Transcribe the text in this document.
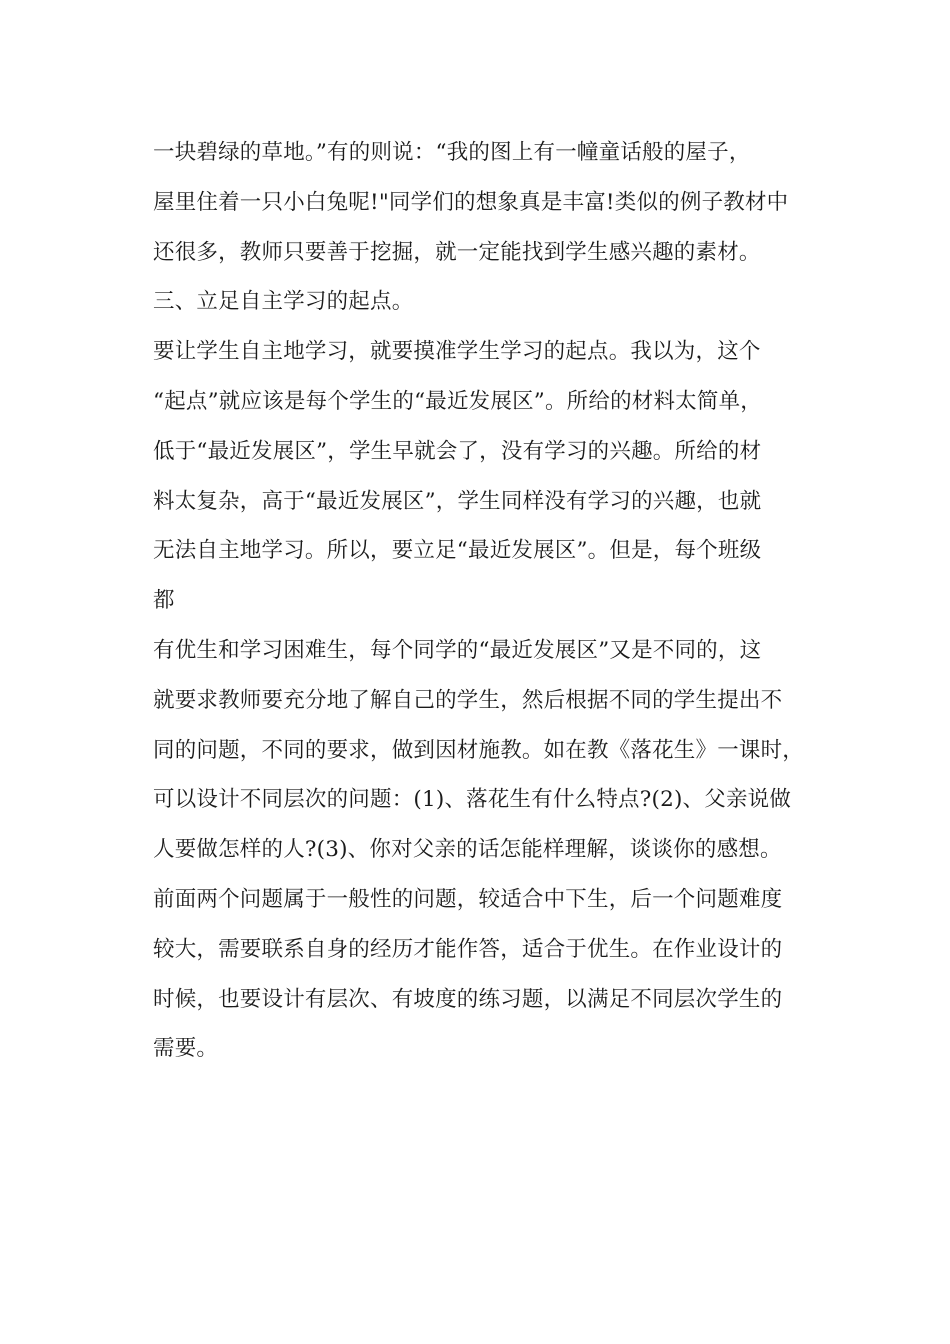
一块碧绿的草地。”有的则说：“我的图上有一幢童话般的屋子，
屋里住着一只小白兔呢!"同学们的想象真是丰富!类似的例子教材中
还很多，教师只要善于挖掘，就一定能找到学生感兴趣的素材。
三、立足自主学习的起点。
要让学生自主地学习，就要摸准学生学习的起点。我以为，这个
“起点”就应该是每个学生的“最近发展区”。所给的材料太简单，
低于“最近发展区”，学生早就会了，没有学习的兴趣。所给的材
料太复杂，高于“最近发展区”，学生同样没有学习的兴趣，也就
无法自主地学习。所以，要立足“最近发展区”。但是，每个班级
都
有优生和学习困难生，每个同学的“最近发展区”又是不同的，这
就要求教师要充分地了解自己的学生，然后根据不同的学生提出不
同的问题，不同的要求，做到因材施教。如在教《落花生》一课时，
可以设计不同层次的问题：(1)、落花生有什么特点?(2)、父亲说做
人要做怎样的人?(3)、你对父亲的话怎能样理解，谈谈你的感想。
前面两个问题属于一般性的问题，较适合中下生，后一个问题难度
较大，需要联系自身的经历才能作答，适合于优生。在作业设计的
时候，也要设计有层次、有坡度的练习题，以满足不同层次学生的
需要。
